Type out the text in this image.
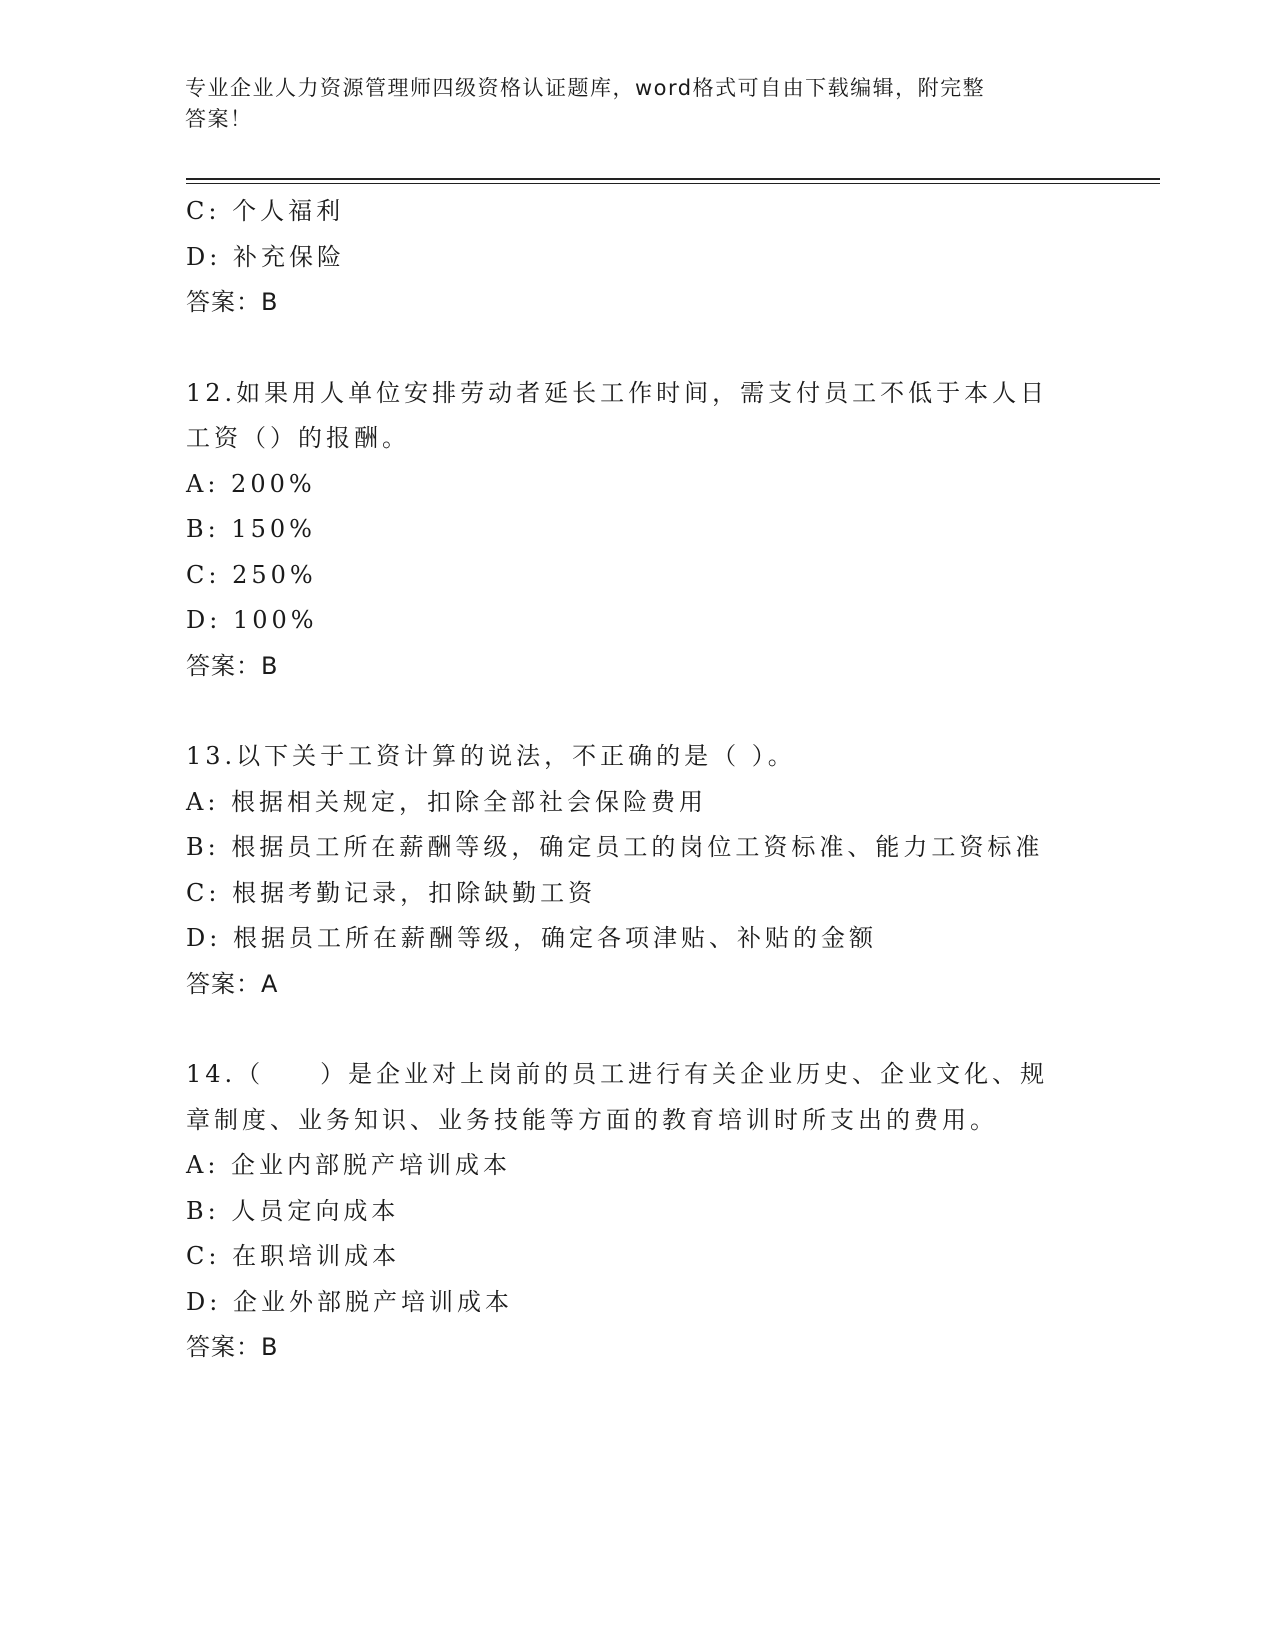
专业企业人力资源管理师四级资格认证题库，word格式可自由下载编辑，附完整
答案！
C: 个人福利
D: 补充保险
答案：B
12.如果用人单位安排劳动者延长工作时间，需支付员工不低于本人日
工资（）的报酬。
A: 200%
B: 150%
C: 250%
D: 100%
答案：B
13.以下关于工资计算的说法，不正确的是（ ）。
A: 根据相关规定，扣除全部社会保险费用
B: 根据员工所在薪酬等级，确定员工的岗位工资标准、能力工资标准
C: 根据考勤记录，扣除缺勤工资
D: 根据员工所在薪酬等级，确定各项津贴、补贴的金额
答案：A
14.（　　）是企业对上岗前的员工进行有关企业历史、企业文化、规
章制度、业务知识、业务技能等方面的教育培训时所支出的费用。
A: 企业内部脱产培训成本
B: 人员定向成本
C: 在职培训成本
D: 企业外部脱产培训成本
答案：B
